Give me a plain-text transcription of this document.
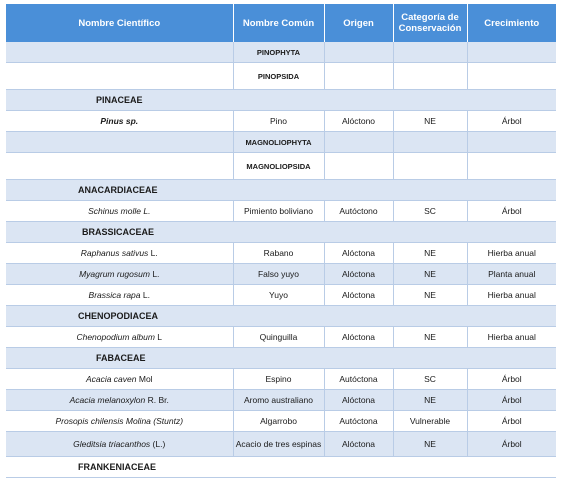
Nombre Científico	Nombre Común	Origen	Categoría de Conservación	Crecimiento
	PINOPHYTA			
	PINOPSIDA			
PINACEAE				
Pinus sp.	Pino	Alóctono	NE	Árbol
	MAGNOLIOPHYTA			
	MAGNOLIOPSIDA			
ANACARDIACEAE				
Schinus molle L.	Pimiento boliviano	Autóctono	SC	Árbol
BRASSICACEAE				
Raphanus sativus L.	Rabano	Alóctona	NE	Hierba anual
Myagrum rugosum L.	Falso yuyo	Alóctona	NE	Planta anual
Brassica rapa L.	Yuyo	Alóctona	NE	Hierba anual
CHENOPODIACEA				
Chenopodium album L	Quinguilla	Alóctona	NE	Hierba anual
FABACEAE				
Acacia caven Mol	Espino	Autóctona	SC	Árbol
Acacia melanoxylon R. Br.	Aromo australiano	Alóctona	NE	Árbol
Prosopis chilensis Molina (Stuntz)	Algarrobo	Autóctona	Vulnerable	Árbol
Gleditsia triacanthos (L.)	Acacio de tres espinas	Alóctona	NE	Árbol
FRANKENIACEAE				
